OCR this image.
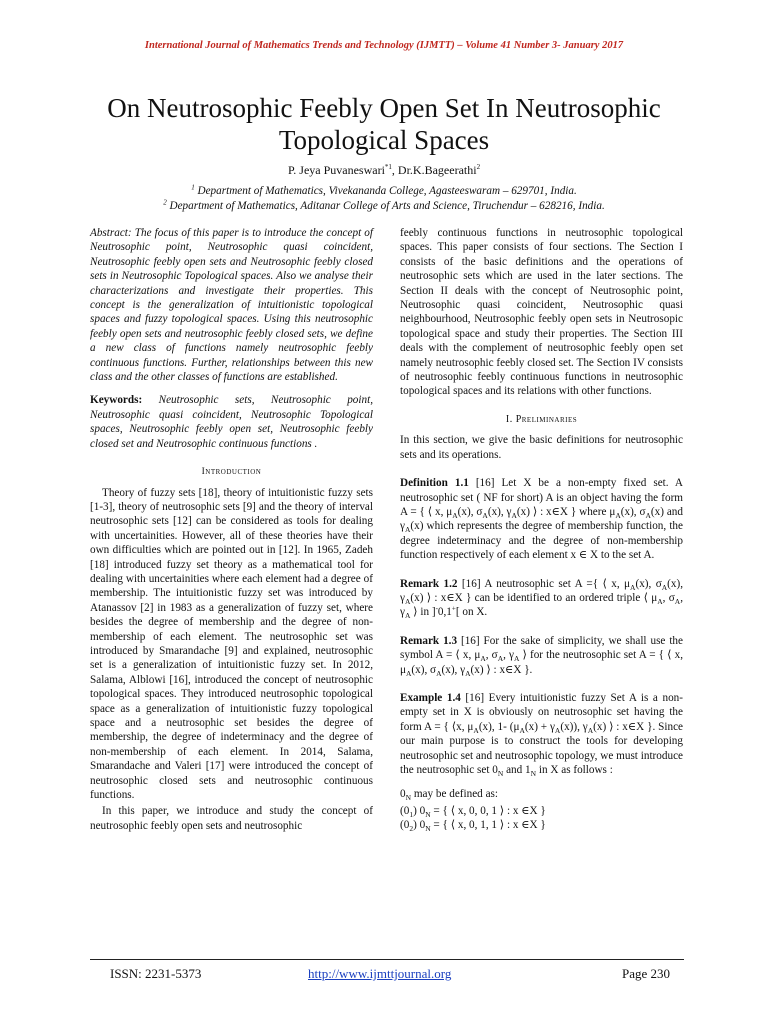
International Journal of Mathematics Trends and Technology (IJMTT) – Volume 41 Number 3- January 2017
On Neutrosophic Feebly Open Set In Neutrosophic Topological Spaces
P. Jeya Puvaneswari$^{*1}$, Dr.K.Bageerathi$^2$
$^1$ Department of Mathematics, Vivekananda College, Agasteeswaram – 629701, India.
$^2$ Department of Mathematics, Aditanar College of Arts and Science, Tiruchendur – 628216, India.

Abstract: The focus of this paper is to introduce the concept of Neutrosophic point, Neutrosophic quasi coincident, Neutrosophic feebly open sets and Neutrosophic feebly closed sets in Neutrosophic Topological spaces. Also we analyse their characterizations and investigate their properties. This concept is the generalization of intuitionistic topological spaces and fuzzy topological spaces. Using this neutrosophic feebly open sets and neutrosophic feebly closed sets, we define a new class of functions namely neutrosophic feebly continuous functions. Further, relationships between this new class and the other classes of functions are established.

Keywords: Neutrosophic sets, Neutrosophic point, Neutrosophic quasi coincident, Neutrosophic Topological spaces, Neutrosophic feebly open set, Neutrosophic feebly closed set and Neutrosophic continuous functions .

Introduction

Theory of fuzzy sets [18], theory of intuitionistic fuzzy sets [1-3], theory of neutrosophic sets [9] and the theory of interval neutrosophic sets [12] can be considered as tools for dealing with uncertainities. However, all of these theories have their own difficulties which are pointed out in [12]. In 1965, Zadeh [18] introduced fuzzy set theory as a mathematical tool for dealing with uncertainities where each element had a degree of membership. The intuitionistic fuzzy set was introduced by Atanassov [2] in 1983 as a generalization of fuzzy set, where besides the degree of membership and the degree of non-membership of each element. The neutrosophic set was introduced by Smarandache [9] and explained, neutrosophic set is a generalization of intuitionistic fuzzy set. In 2012, Salama, Alblowi [16], introduced the concept of neutrosophic topological spaces. They introduced neutrosophic topological space as a generalization of intuitionistic fuzzy topological space and a neutrosophic set besides the degree of membership, the degree of indeterminacy and the degree of non-membership of each element. In 2014, Salama, Smarandache and Valeri [17] were introduced the concept of neutrosophic closed sets and neutrosophic continuous functions.

In this paper, we introduce and study the concept of neutrosophic feebly open sets and neutrosophic

feebly continuous functions in neutrosophic topological spaces. This paper consists of four sections. The Section I consists of the basic definitions and the operations of neutrosophic sets which are used in the later sections. The Section II deals with the concept of Neutrosophic point, Neutrosophic quasi coincident, Neutrosophic quasi neighbourhood, Neutrosophic feebly open sets in Neutrosopic topological space and study their properties. The Section III deals with the complement of neutrosophic feebly open set namely neutrosophic feebly closed set. The Section IV consists of neutrosophic feebly continuous functions in neutrosophic topological spaces and its relations with other functions.

I. Preliminaries

In this section, we give the basic definitions for neutrosophic sets and its operations.

Definition 1.1 [16] Let X be a non-empty fixed set. A neutrosophic set ( NF for short) A is an object having the form A = { ⟨ x, $\mu_A(x)$, $\sigma_A(x)$, $\gamma_A(x)$ ⟩ : x∈X } where $\mu_A(x)$, $\sigma_A(x)$ and $\gamma_A(x)$ which represents the degree of membership function, the degree indeterminacy and the degree of non-membership function respectively of each element x ∈ X to the set A.

Remark 1.2 [16] A neutrosophic set A ={ ⟨ x, $\mu_A(x)$, $\sigma_A(x)$, $\gamma_A(x)$ ⟩ : x∈X } can be identified to an ordered triple ⟨ $\mu_A$, $\sigma_A$, $\gamma_A$ ⟩ in ]-0,1+[ on X.

Remark 1.3 [16] For the sake of simplicity, we shall use the symbol A = ⟨ x, $\mu_A$, $\sigma_A$, $\gamma_A$ ⟩ for the neutrosophic set A = { ⟨ x, $\mu_A(x)$, $\sigma_A(x)$, $\gamma_A(x)$ ⟩ : x∈X }.

Example 1.4 [16] Every intuitionistic fuzzy Set A is a non-empty set in X is obviously on neutrosophic set having the form A = { ⟨x, $\mu_A(x)$, 1- $(\mu_A(x) + \gamma_A(x))$, $\gamma_A(x)$ ⟩ : x∈X }. Since our main purpose is to construct the tools for developing neutrosophic set and neutrosophic topology, we must introduce the neutrosophic set $0_N$ and $1_N$ in X as follows :

$0_N$ may be defined as:

$(0_1) 0_N$ = { ⟨ x, 0, 0, 1 ⟩ : x ∈X }
$(0_2) 0_N$ = { ⟨ x, 0, 1, 1 ⟩ : x ∈X }
ISSN: 2231-5373	http://www.ijmttjournal.org	Page 230
